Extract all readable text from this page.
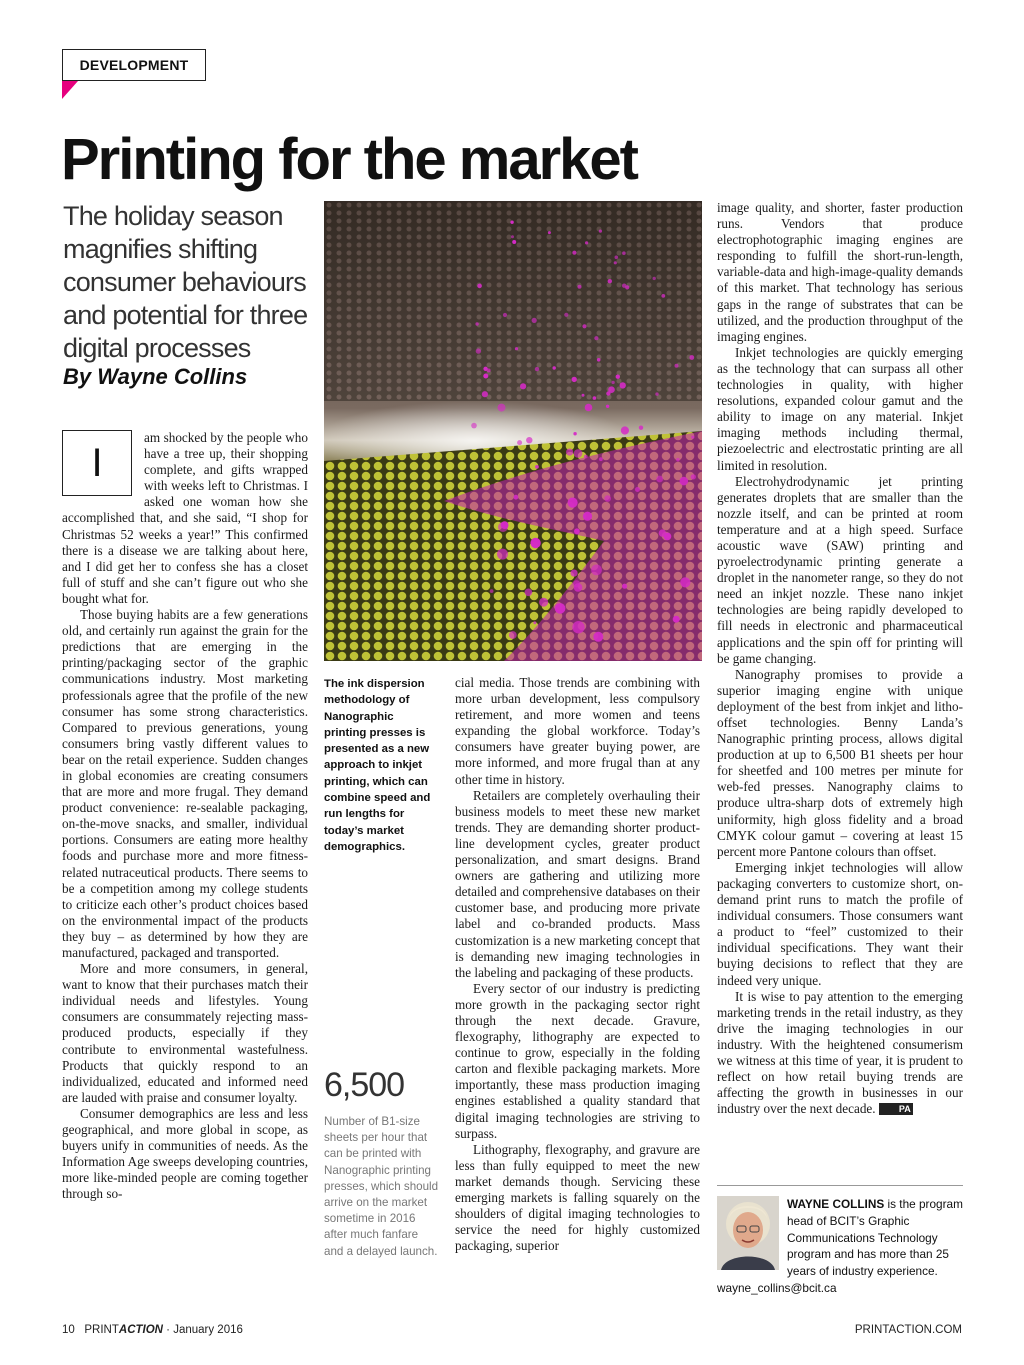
DEVELOPMENT
Printing for the market
The holiday season magnifies shifting consumer behaviours and potential for three digital processes
By Wayne Collins
I

am shocked by the people who have a tree up, their shopping complete, and gifts wrapped with weeks left to Christmas. I asked one woman how she accomplished that, and she said, “I shop for Christmas 52 weeks a year!” This confirmed there is a disease we are talking about here, and I did get her to confess she has a closet full of stuff and she can’t figure out who she bought what for.

Those buying habits are a few generations old, and certainly run against the grain for the predictions that are emerging in the printing/packaging sector of the graphic communications industry. Most marketing professionals agree that the profile of the new consumer has some strong characteristics. Compared to previous generations, young consumers bring vastly different values to bear on the retail experience. Sudden changes in global economies are creating consumers that are more and more frugal. They demand product convenience: re-sealable packaging, on-the-move snacks, and smaller, individual portions. Consumers are eating more healthy foods and purchase more and more fitness-related nutraceutical products. There seems to be a competition among my college students to criticize each other’s product choices based on the environmental impact of the products they buy – as determined by how they are manufactured, packaged and transported.

More and more consumers, in general, want to know that their purchases match their individual needs and lifestyles. Young consumers are consummately rejecting mass-produced products, especially if they contribute to environmental wastefulness. Products that quickly respond to an individualized, educated and informed need are lauded with praise and consumer loyalty.

Consumer demographics are less and less geographical, and more global in scope, as buyers unify in communities of needs. As the Information Age sweeps developing countries, more like-minded people are coming together through so-

The ink dispersion methodology of Nanographic printing presses is presented as a new approach to inkjet printing, which can combine speed and run lengths for today’s market demographics.
6,500
Number of B1-size sheets per hour that can be printed with Nanographic printing presses, which should arrive on the market sometime in 2016 after much fanfare and a delayed launch.

cial media. Those trends are combining with more urban development, less compulsory retirement, and more women and teens expanding the global workforce. Today’s consumers have greater buying power, are more informed, and more frugal than at any other time in history.

Retailers are completely overhauling their business models to meet these new market trends. They are demanding shorter product-line development cycles, greater product personalization, and smart designs. Brand owners are gathering and utilizing more detailed and comprehensive databases on their customer base, and producing more private label and co-branded products. Mass customization is a new marketing concept that is demanding new imaging technologies in the labeling and packaging of these products.

Every sector of our industry is predicting more growth in the packaging sector right through the next decade. Gravure, flexography, lithography are expected to continue to grow, especially in the folding carton and flexible packaging markets. More importantly, these mass production imaging engines established a quality standard that digital imaging technologies are striving to surpass.

Lithography, flexography, and gravure are less than fully equipped to meet the new market demands though. Servicing these emerging markets is falling squarely on the shoulders of digital imaging technologies to service the need for highly customized packaging, superior

image quality, and shorter, faster production runs. Vendors that produce electrophotographic imaging engines are responding to fulfill the short-run-length, variable-data and high-image-quality demands of this market. That technology has serious gaps in the range of substrates that can be utilized, and the production throughput of the imaging engines.

Inkjet technologies are quickly emerging as the technology that can surpass all other technologies in quality, with higher resolutions, expanded colour gamut and the ability to image on any material. Inkjet imaging methods including thermal, piezoelectric and electrostatic printing are all limited in resolution.

Electrohydrodynamic jet printing generates droplets that are smaller than the nozzle itself, and can be printed at room temperature and at a high speed. Surface acoustic wave (SAW) printing and pyroelectrodynamic printing generate a droplet in the nanometer range, so they do not need an inkjet nozzle. These nano inkjet technologies are being rapidly developed to fill needs in electronic and pharmaceutical applications and the spin off for printing will be game changing.

Nanography promises to provide a superior imaging engine with unique deployment of the best from inkjet and litho-offset technologies. Benny Landa’s Nanographic printing process, allows digital production at up to 6,500 B1 sheets per hour for sheetfed and 100 metres per minute for web-fed presses. Nanography claims to produce ultra-sharp dots of extremely high uniformity, high gloss fidelity and a broad CMYK colour gamut – covering at least 15 percent more Pantone colours than offset.

Emerging inkjet technologies will allow packaging converters to customize short, on-demand print runs to match the profile of individual consumers. Those consumers want a product to “feel” customized to their individual specifications. They want their buying decisions to reflect that they are indeed very unique.

It is wise to pay attention to the emerging marketing trends in the retail industry, as they drive the imaging technologies in our industry. With the heightened consumerism we witness at this time of year, it is prudent to reflect on how retail buying trends are affecting the growth in businesses in our industry over the next decade.	PA

WAYNE COLLINS is the program head of BCIT’s Graphic Communications Technology program and has more than 25 years of industry experience. wayne_collins@bcit.ca
10 PRINTACTION · January 2016	PRINTACTION.COM
